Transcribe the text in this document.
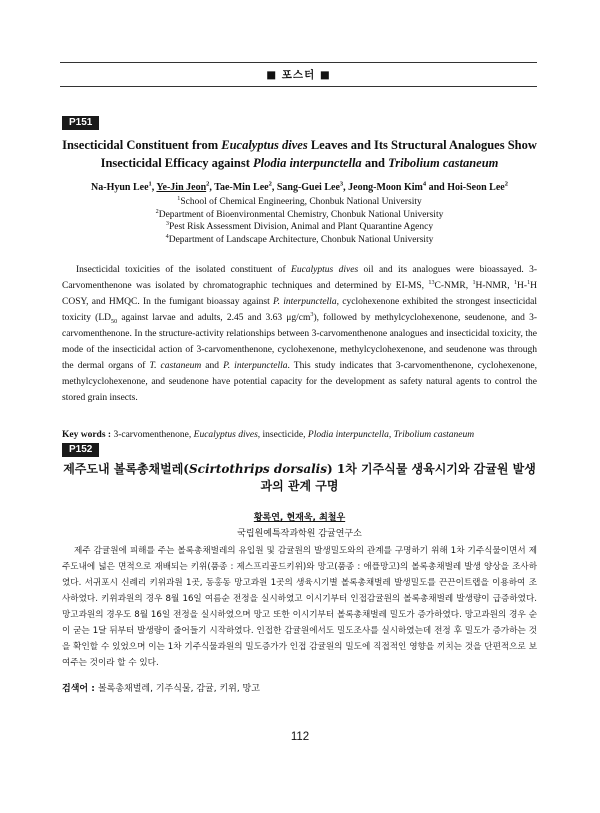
■ 포스터 ■
P151
Insecticidal Constituent from Eucalyptus dives Leaves and Its Structural Analogues Show Insecticidal Efficacy against Plodia interpunctella and Tribolium castaneum
Na-Hyun Lee$^1$, Ye-Jin Jeon$^2$, Tae-Min Lee$^2$, Sang-Guei Lee$^3$, Jeong-Moon Kim$^4$ and Hoi-Seon Lee$^2$
$^1$School of Chemical Engineering, Chonbuk National University
$^2$Department of Bioenvironmental Chemistry, Chonbuk National University
$^3$Pest Risk Assessment Division, Animal and Plant Quarantine Agency
$^4$Department of Landscape Architecture, Chonbuk National University

Insecticidal toxicities of the isolated constituent of Eucalyptus dives oil and its analogues were bioassayed. 3-Carvomenthenone was isolated by chromatographic techniques and determined by EI-MS, $^{13}$C-NMR, $^1$H-NMR, $^1$H-$^1$H COSY, and HMQC. In the fumigant bioassay against P. interpunctella, cyclohexenone exhibited the strongest insecticidal toxicity ($LD_{50}$ against larvae and adults, 2.45 and 3.63 $\mu g/cm^3$), followed by methylcyclohexenone, seudenone, and 3-carvomenthenone. In the structure-activity relationships between 3-carvomenthenone analogues and insecticidal toxicity, the mode of the insecticidal action of 3-carvomenthenone, cyclohexenone, methylcyclohexenone, and seudenone was through the dermal organs of T. castaneum and P. interpunctella. This study indicates that 3-carvomenthenone, cyclohexenone, methylcyclohexenone, and seudenone have potential capacity for the development as safety natural agents to control the stored grain insects.

Key words : 3-carvomenthenone, Eucalyptus dives, insecticide, Plodia interpunctella, Tribolium castaneum
P152
제주도내 볼록총채벌레(Scirtothrips dorsalis) 1차 기주식물 생육시기와 감귤원 발생과의 관계 구명
황록연, 현재욱, 최철우
국립원예특작과학원 감귤연구소

제주 감귤원에 피해를 주는 볼록총채벌레의 유입원 및 감귤원의 발생밀도와의 관계를 구명하기 위해 1차 기주식물이면서 제주도내에 넓은 면적으로 재배되는 키위(품종 : 제스프리골드키위)와 망고(품종 : 애플망고)의 볼록총채벌레 발생 양상을 조사하였다. 서귀포시 신례리 키위과원 1곳, 동홍동 망고과원 1곳의 생육시기별 볼록총채벌레 발생밀도를 끈끈이트랩을 이용하여 조사하였다. 키위과원의 경우 8월 16일 여름순 전정을 실시하였고 이시기부터 인접감귤원의 볼록총채벌레 발생량이 급증하였다. 망고과원의 경우도 8월 16일 전정을 실시하였으며 망고 또한 이시기부터 볼록총채벌레 밀도가 증가하였다. 망고과원의 경우 순이 굳는 1달 뒤부터 발생량이 줄어들기 시작하였다. 인접한 감귤원에서도 밀도조사를 실시하였는데 전정 후 밀도가 증가하는 것을 확인할 수 있었으며 이는 1차 기주식물과원의 밀도증가가 인접 감귤원의 밀도에 직접적인 영향을 끼치는 것을 단편적으로 보여주는 것이라 할 수 있다.

검색어 : 볼록총채벌레, 기주식물, 감귤, 키위, 망고
112
